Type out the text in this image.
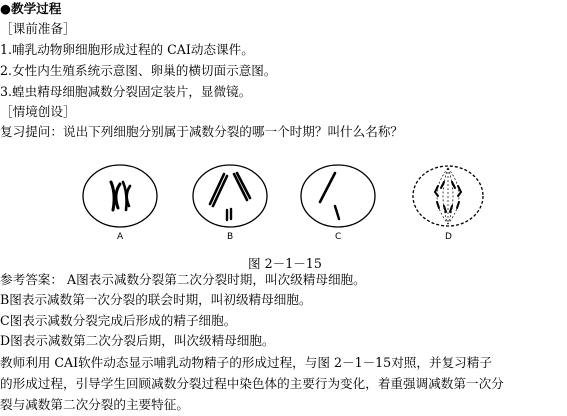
●教学过程
［课前准备］
1.哺乳动物卵细胞形成过程的 CAI动态课件。
2.女性内生殖系统示意图、卵巢的横切面示意图。
3.蝗虫精母细胞减数分裂固定装片，显微镜。
［情境创设］
复习提问：说出下列细胞分别属于减数分裂的哪一个时期？叫什么名称？
A	B	C	D
图 2－1－15
参考答案： A图表示减数分裂第二次分裂时期，叫次级精母细胞。
B图表示减数第一次分裂的联会时期，叫初级精母细胞。
C图表示减数分裂完成后形成的精子细胞。
D图表示减数第二次分裂后期，叫次级精母细胞。
教师利用 CAI软件动态显示哺乳动物精子的形成过程，与图 2－1－15对照，并复习精子
的形成过程，引导学生回顾减数分裂过程中染色体的主要行为变化，着重强调减数第一次分
裂与减数第二次分裂的主要特征。
